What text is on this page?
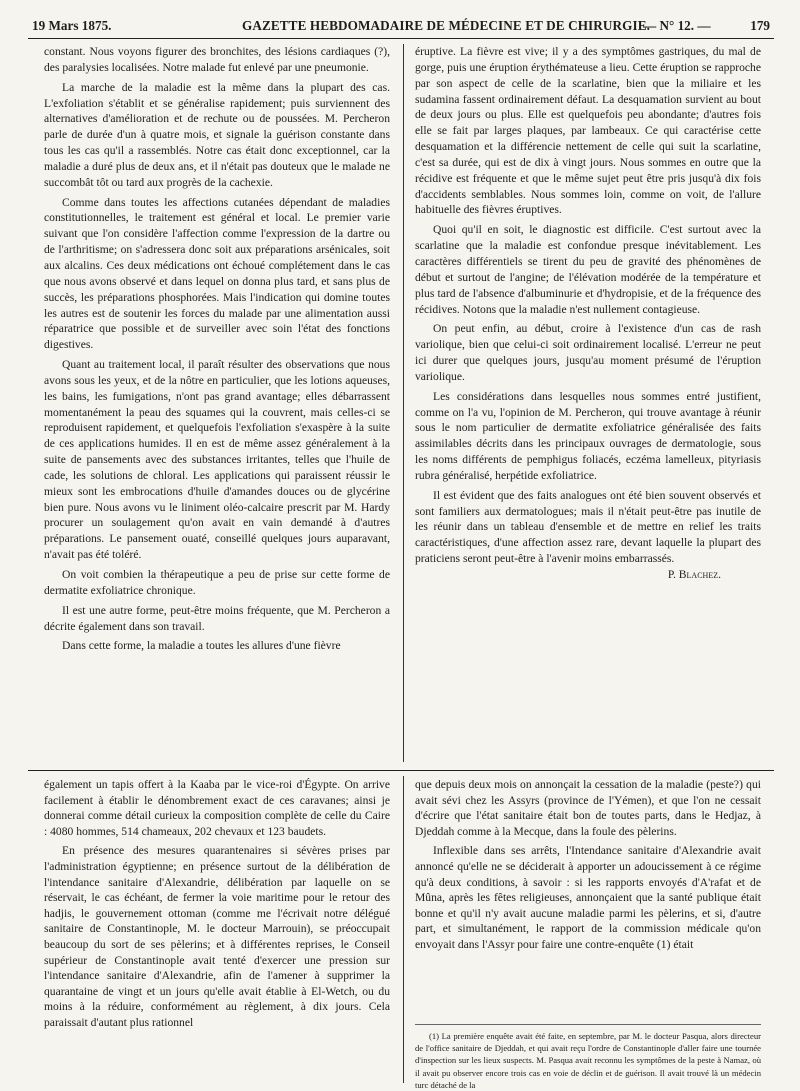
19 Mars 1875.	GAZETTE HEBDOMADAIRE DE MÉDECINE ET DE CHIRURGIE.
— N° 12. —	179

constant. Nous voyons figurer des bronchites, des lésions cardiaques (?), des paralysies localisées. Notre malade fut enlevé par une pneumonie.

La marche de la maladie est la même dans la plupart des cas. L'exfoliation s'établit et se généralise rapidement; puis surviennent des alternatives d'amélioration et de rechute ou de poussées. M. Percheron parle de durée d'un à quatre mois, et signale la guérison constante dans tous les cas qu'il a rassemblés. Notre cas était donc exceptionnel, car la maladie a duré plus de deux ans, et il n'était pas douteux que le malade ne succombât tôt ou tard aux progrès de la cachexie.

Comme dans toutes les affections cutanées dépendant de maladies constitutionnelles, le traitement est général et local. Le premier varie suivant que l'on considère l'affection comme l'expression de la dartre ou de l'arthritisme; on s'adressera donc soit aux préparations arsénicales, soit aux alcalins. Ces deux médications ont échoué complétement dans le cas que nous avons observé et dans lequel on donna plus tard, et sans plus de succès, les préparations phosphorées. Mais l'indication qui domine toutes les autres est de soutenir les forces du malade par une alimentation aussi réparatrice que possible et de surveiller avec soin l'état des fonctions digestives.

Quant au traitement local, il paraît résulter des observations que nous avons sous les yeux, et de la nôtre en particulier, que les lotions aqueuses, les bains, les fumigations, n'ont pas grand avantage; elles débarrassent momentanément la peau des squames qui la couvrent, mais celles-ci se reproduisent rapidement, et quelquefois l'exfoliation s'exaspère à la suite de ces applications humides. Il en est de même assez généralement à la suite de pansements avec des substances irritantes, telles que l'huile de cade, les solutions de chloral. Les applications qui paraissent réussir le mieux sont les embrocations d'huile d'amandes douces ou de glycérine bien pure. Nous avons vu le liniment oléo-calcaire prescrit par M. Hardy procurer un soulagement qu'on avait en vain demandé à d'autres préparations. Le pansement ouaté, conseillé quelques jours auparavant, n'avait pas été toléré.

On voit combien la thérapeutique a peu de prise sur cette forme de dermatite exfoliatrice chronique.

Il est une autre forme, peut-être moins fréquente, que M. Percheron a décrite également dans son travail.

Dans cette forme, la maladie a toutes les allures d'une fièvre

éruptive. La fièvre est vive; il y a des symptômes gastriques, du mal de gorge, puis une éruption érythémateuse a lieu. Cette éruption se rapproche par son aspect de celle de la scarlatine, bien que la miliaire et les sudamina fassent ordinairement défaut. La desquamation survient au bout de deux jours ou plus. Elle est quelquefois peu abondante; d'autres fois elle se fait par larges plaques, par lambeaux. Ce qui caractérise cette desquamation et la différencie nettement de celle qui suit la scarlatine, c'est sa durée, qui est de dix à vingt jours. Nous sommes en outre que la récidive est fréquente et que le même sujet peut être pris jusqu'à dix fois d'accidents semblables. Nous sommes loin, comme on voit, de l'allure habituelle des fièvres éruptives.

Quoi qu'il en soit, le diagnostic est difficile. C'est surtout avec la scarlatine que la maladie est confondue presque inévitablement. Les caractères différentiels se tirent du peu de gravité des phénomènes de début et surtout de l'angine; de l'élévation modérée de la température et plus tard de l'absence d'albuminurie et d'hydropisie, et de la fréquence des récidives. Notons que la maladie n'est nullement contagieuse.

On peut enfin, au début, croire à l'existence d'un cas de rash variolique, bien que celui-ci soit ordinairement localisé. L'erreur ne peut ici durer que quelques jours, jusqu'au moment présumé de l'éruption variolique.

Les considérations dans lesquelles nous sommes entré justifient, comme on l'a vu, l'opinion de M. Percheron, qui trouve avantage à réunir sous le nom particulier de dermatite exfoliatrice généralisée des faits assimilables décrits dans les principaux ouvrages de dermatologie, sous les noms différents de pemphigus foliacés, eczéma lamelleux, pityriasis rubra généralisé, herpétide exfoliatrice.

Il est évident que des faits analogues ont été bien souvent observés et sont familiers aux dermatologues; mais il n'était peut-être pas inutile de les réunir dans un tableau d'ensemble et de mettre en relief les traits caractéristiques, d'une affection assez rare, devant laquelle la plupart des praticiens seront peut-être à l'avenir moins embarrassés.

P. Blachez.

également un tapis offert à la Kaaba par le vice-roi d'Égypte. On arrive facilement à établir le dénombrement exact de ces caravanes; ainsi je donnerai comme détail curieux la composition complète de celle du Caire : 4080 hommes, 514 chameaux, 202 chevaux et 123 baudets.

En présence des mesures quarantenaires si sévères prises par l'administration égyptienne; en présence surtout de la délibération de l'intendance sanitaire d'Alexandrie, délibération par laquelle on se réservait, le cas échéant, de fermer la voie maritime pour le retour des hadjis, le gouvernement ottoman (comme me l'écrivait notre délégué sanitaire de Constantinople, M. le docteur Marrouin), se préoccupait beaucoup du sort de ses pèlerins; et à différentes reprises, le Conseil supérieur de Constantinople avait tenté d'exercer une pression sur l'intendance sanitaire d'Alexandrie, afin de l'amener à supprimer la quarantaine de vingt et un jours qu'elle avait établie à El-Wetch, ou du moins à la réduire, conformément au règlement, à dix jours. Cela paraissait d'autant plus rationnel

que depuis deux mois on annonçait la cessation de la maladie (peste?) qui avait sévi chez les Assyrs (province de l'Yémen), et que l'on ne cessait d'écrire que l'état sanitaire était bon de toutes parts, dans le Hedjaz, à Djeddah comme à la Mecque, dans la foule des pèlerins.

Inflexible dans ses arrêts, l'Intendance sanitaire d'Alexandrie avait annoncé qu'elle ne se déciderait à apporter un adoucissement à ce régime qu'à deux conditions, à savoir : si les rapports envoyés d'A'rafat et de Mûna, après les fêtes religieuses, annonçaient que la santé publique était bonne et qu'il n'y avait aucune maladie parmi les pèlerins, et si, d'autre part, et simultanément, le rapport de la commission médicale qu'on envoyait dans l'Assyr pour faire une contre-enquête (1) était

(1) La première enquête avait été faite, en septembre, par M. le docteur Pasqua, alors directeur de l'office sanitaire de Djeddah, et qui avait reçu l'ordre de Constantinople d'aller faire une tournée d'inspection sur les lieux suspects. M. Pasqua avait reconnu les symptômes de la peste à Namaz, où il avait pu observer encore trois cas en voie de déclin et de guérison. Il avait trouvé là un médecin turc détaché de la
